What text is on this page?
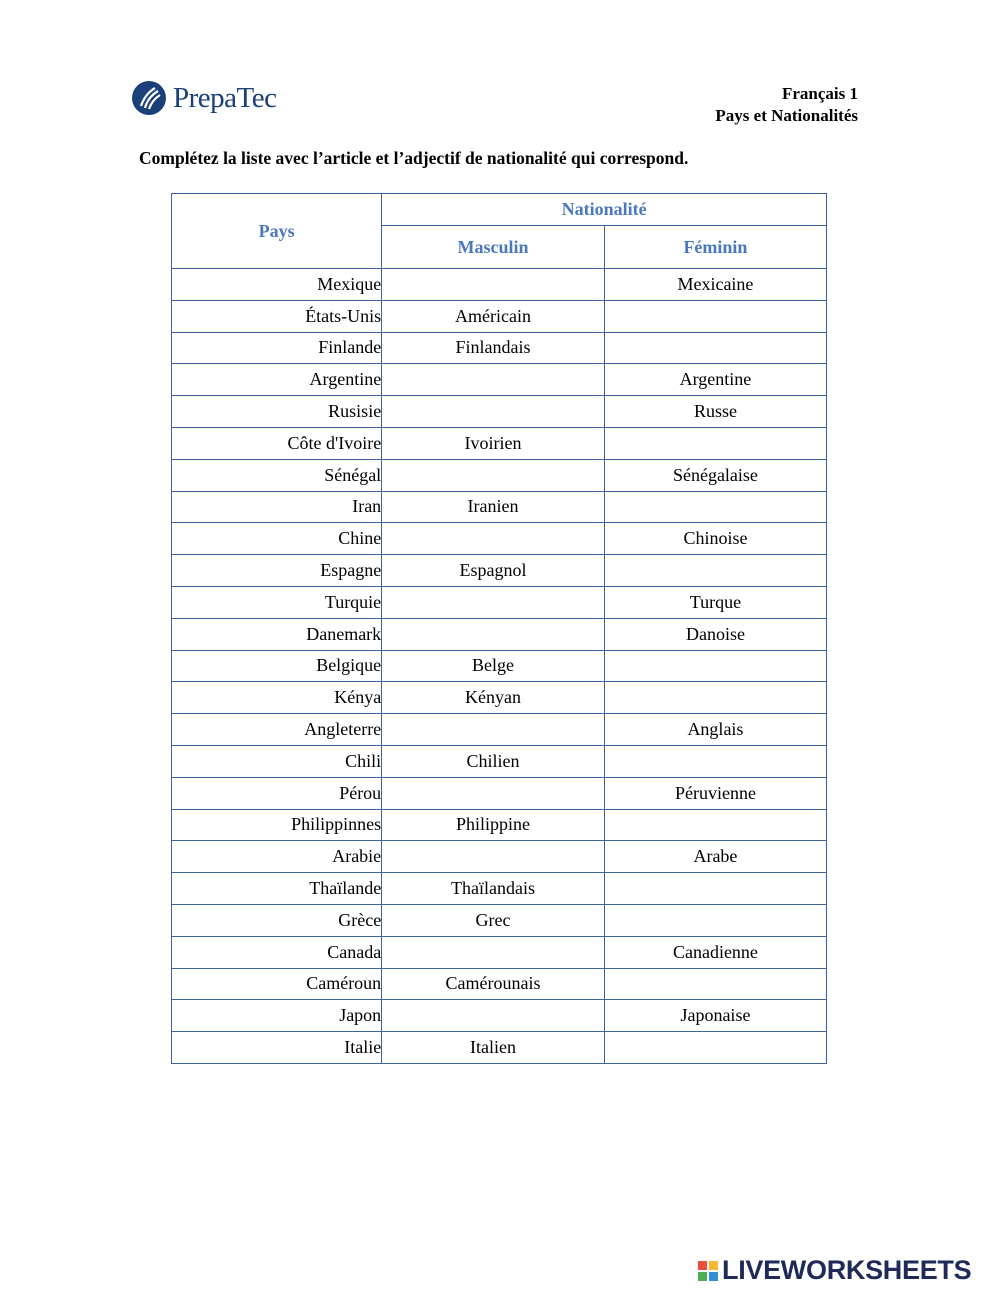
PrepaTec	Français 1
Pays et Nationalités
Complétez la liste avec l’article et l’adjectif de nationalité qui correspond.
Pays	Nationalité	
	Masculin	Féminin
Mexique		Mexicaine
États-Unis	Américain	
Finlande	Finlandais	
Argentine		Argentine
Rusisie		Russe
Côte d'Ivoire	Ivoirien	
Sénégal		Sénégalaise
Iran	Iranien	
Chine		Chinoise
Espagne	Espagnol	
Turquie		Turque
Danemark		Danoise
Belgique	Belge	
Kénya	Kényan	
Angleterre		Anglais
Chili	Chilien	
Pérou		Péruvienne
Philippinnes	Philippine	
Arabie		Arabe
Thaïlande	Thaïlandais	
Grèce	Grec	
Canada		Canadienne
Caméroun	Camérounais	
Japon		Japonaise
Italie	Italien	
LIVEWORKSHEETS
